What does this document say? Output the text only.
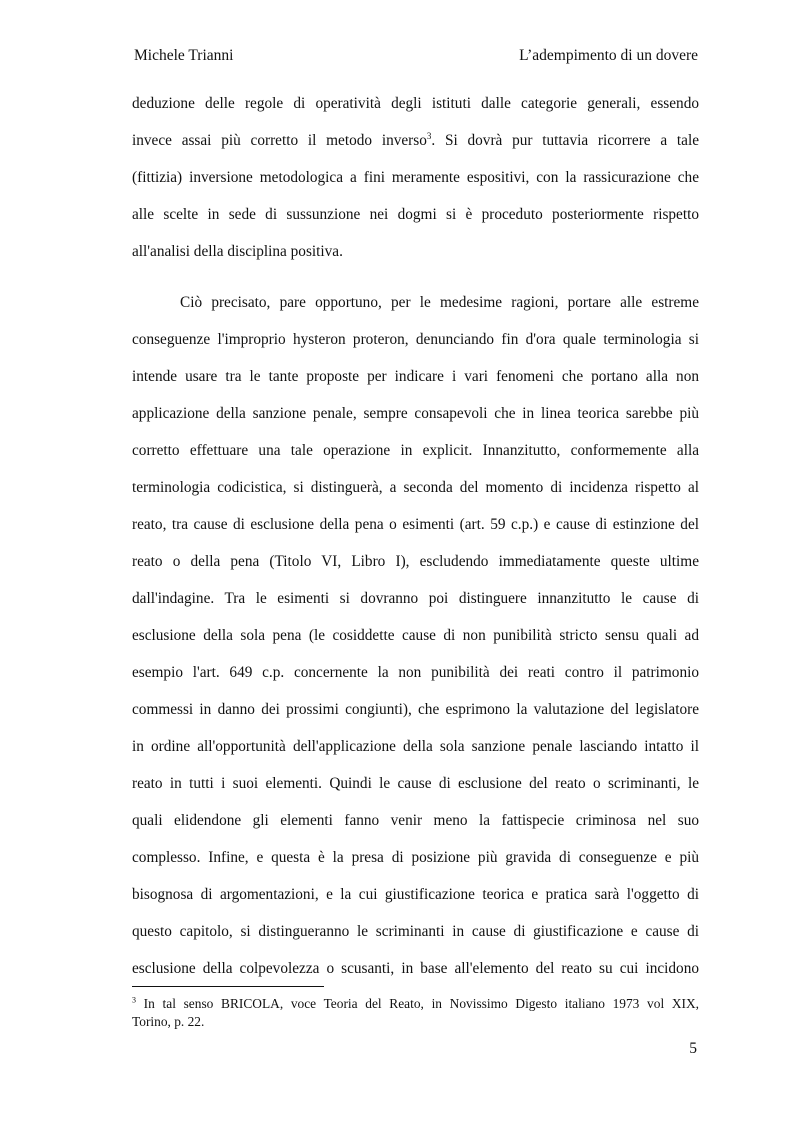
Michele Trianni	L’adempimento di un dovere
deduzione delle regole di operatività degli istituti dalle categorie generali, essendo
invece assai più corretto il metodo inverso$^3$. Si dovrà pur tuttavia ricorrere a tale
(fittizia) inversione metodologica a fini meramente espositivi, con la rassicurazione che
alle scelte in sede di sussunzione nei dogmi si è proceduto posteriormente rispetto
all'analisi della disciplina positiva.
Ciò precisato, pare opportuno, per le medesime ragioni, portare alle estreme
conseguenze l'improprio hysteron proteron, denunciando fin d'ora quale terminologia si
intende usare tra le tante proposte per indicare i vari fenomeni che portano alla non
applicazione della sanzione penale, sempre consapevoli che in linea teorica sarebbe più
corretto effettuare una tale operazione in explicit. Innanzitutto, conformemente alla
terminologia codicistica, si distinguerà, a seconda del momento di incidenza rispetto al
reato, tra cause di esclusione della pena o esimenti (art. 59 c.p.) e cause di estinzione del
reato o della pena (Titolo VI, Libro I), escludendo immediatamente queste ultime
dall'indagine. Tra le esimenti si dovranno poi distinguere innanzitutto le cause di
esclusione della sola pena (le cosiddette cause di non punibilità stricto sensu quali ad
esempio l'art. 649 c.p. concernente la non punibilità dei reati contro il patrimonio
commessi in danno dei prossimi congiunti), che esprimono la valutazione del legislatore
in ordine all'opportunità dell'applicazione della sola sanzione penale lasciando intatto il
reato in tutti i suoi elementi. Quindi le cause di esclusione del reato o scriminanti, le
quali elidendone gli elementi fanno venir meno la fattispecie criminosa nel suo
complesso. Infine, e questa è la presa di posizione più gravida di conseguenze e più
bisognosa di argomentazioni, e la cui giustificazione teorica e pratica sarà l'oggetto di
questo capitolo, si distingueranno le scriminanti in cause di giustificazione e cause di
esclusione della colpevolezza o scusanti, in base all'elemento del reato su cui incidono
$^3$ In tal senso BRICOLA, voce Teoria del Reato, in Novissimo Digesto italiano 1973 vol XIX,
Torino, p. 22.
5
